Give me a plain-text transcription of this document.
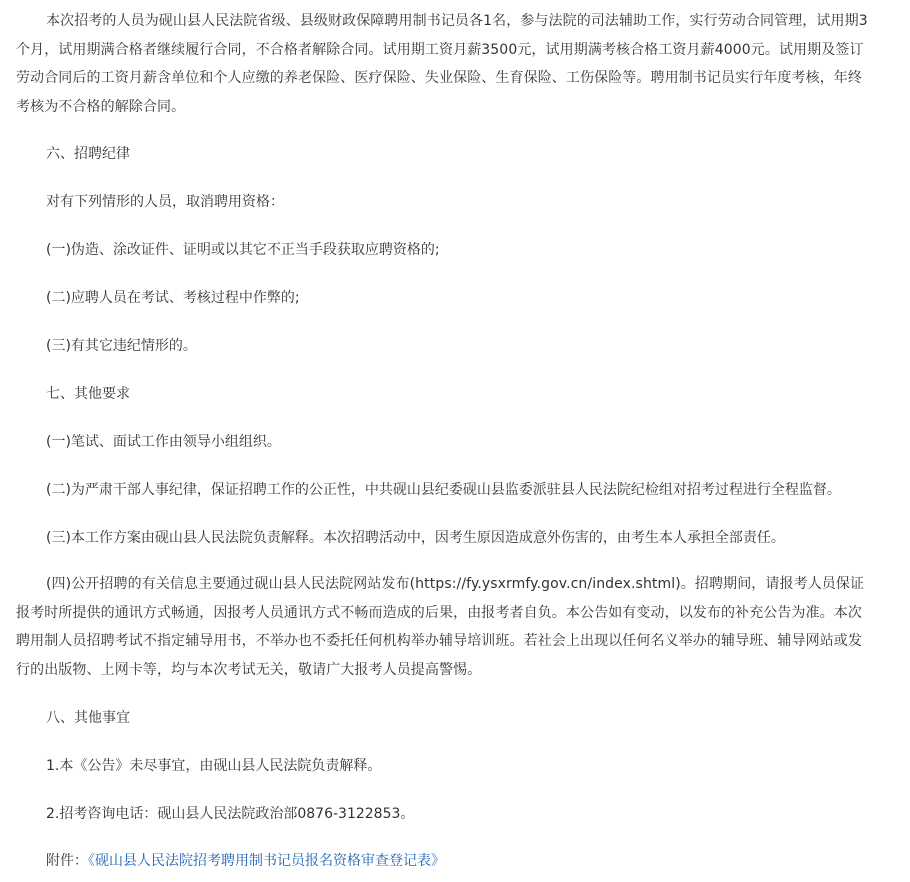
本次招考的人员为砚山县人民法院省级、县级财政保障聘用制书记员各1名，参与法院的司法辅助工作，实行劳动合同管理，试用期3个月，试用期满合格者继续履行合同，不合格者解除合同。试用期工资月薪3500元，试用期满考核合格工资月薪4000元。试用期及签订劳动合同后的工资月薪含单位和个人应缴的养老保险、医疗保险、失业保险、生育保险、工伤保险等。聘用制书记员实行年度考核，年终考核为不合格的解除合同。

六、招聘纪律

对有下列情形的人员，取消聘用资格：

(一)伪造、涂改证件、证明或以其它不正当手段获取应聘资格的;

(二)应聘人员在考试、考核过程中作弊的;

(三)有其它违纪情形的。

七、其他要求

(一)笔试、面试工作由领导小组组织。

(二)为严肃干部人事纪律，保证招聘工作的公正性，中共砚山县纪委砚山县监委派驻县人民法院纪检组对招考过程进行全程监督。

(三)本工作方案由砚山县人民法院负责解释。本次招聘活动中，因考生原因造成意外伤害的，由考生本人承担全部责任。

(四)公开招聘的有关信息主要通过砚山县人民法院网站发布(https://fy.ysxrmfy.gov.cn/index.shtml)。招聘期间，请报考人员保证报考时所提供的通讯方式畅通，因报考人员通讯方式不畅而造成的后果，由报考者自负。本公告如有变动，以发布的补充公告为准。本次聘用制人员招聘考试不指定辅导用书，不举办也不委托任何机构举办辅导培训班。若社会上出现以任何名义举办的辅导班、辅导网站或发行的出版物、上网卡等，均与本次考试无关，敬请广大报考人员提高警惕。

八、其他事宜

1.本《公告》未尽事宜，由砚山县人民法院负责解释。

2.招考咨询电话：砚山县人民法院政治部0876-3122853。

附件：《砚山县人民法院招考聘用制书记员报名资格审查登记表》
